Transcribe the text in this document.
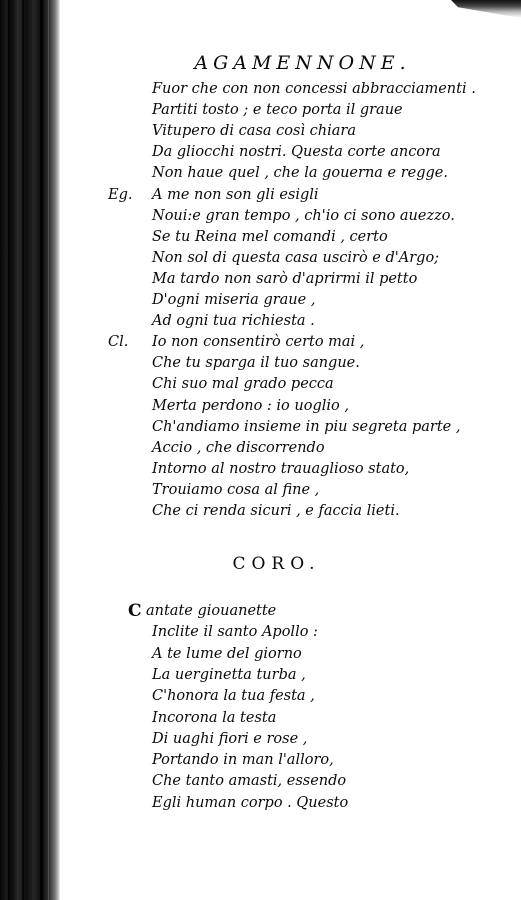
AGAMENNONE.
Fuor che con non concessi abbracciamenti .
Partiti tosto ; e teco porta il graue
Vitupero di casa così chiara
Da gliocchi nostri. Questa corte ancora
Non haue quel , che la gouerna e regge.
Eg. A me non son gli esigli
Noui:e gran tempo , ch'io ci sono auezzo.
Se tu Reina mel comandi , certo
Non sol di questa casa uscirò e d'Argo;
Ma tardo non sarò d'aprirmi il petto
D'ogni miseria graue ,
Ad ogni tua richiesta .
Cl. Io non consentirò certo mai ,
Che tu sparga il tuo sangue.
Chi suo mal grado pecca
Merta perdono : io uoglio ,
Ch'andiamo insieme in piu segreta parte ,
Accio , che discorrendo
Intorno al nostro trauaglioso stato,
Trouiamo cosa al fine ,
Che ci renda sicuri , e faccia lieti.
CORO.
C antate giouanette
Inclite il santo Apollo :
A te lume del giorno
La uerginetta turba ,
C'honora la tua festa ,
Incorona la testa
Di uaghi fiori e rose ,
Portando in man l'alloro,
Che tanto amasti, essendo
Egli human corpo . Questo
